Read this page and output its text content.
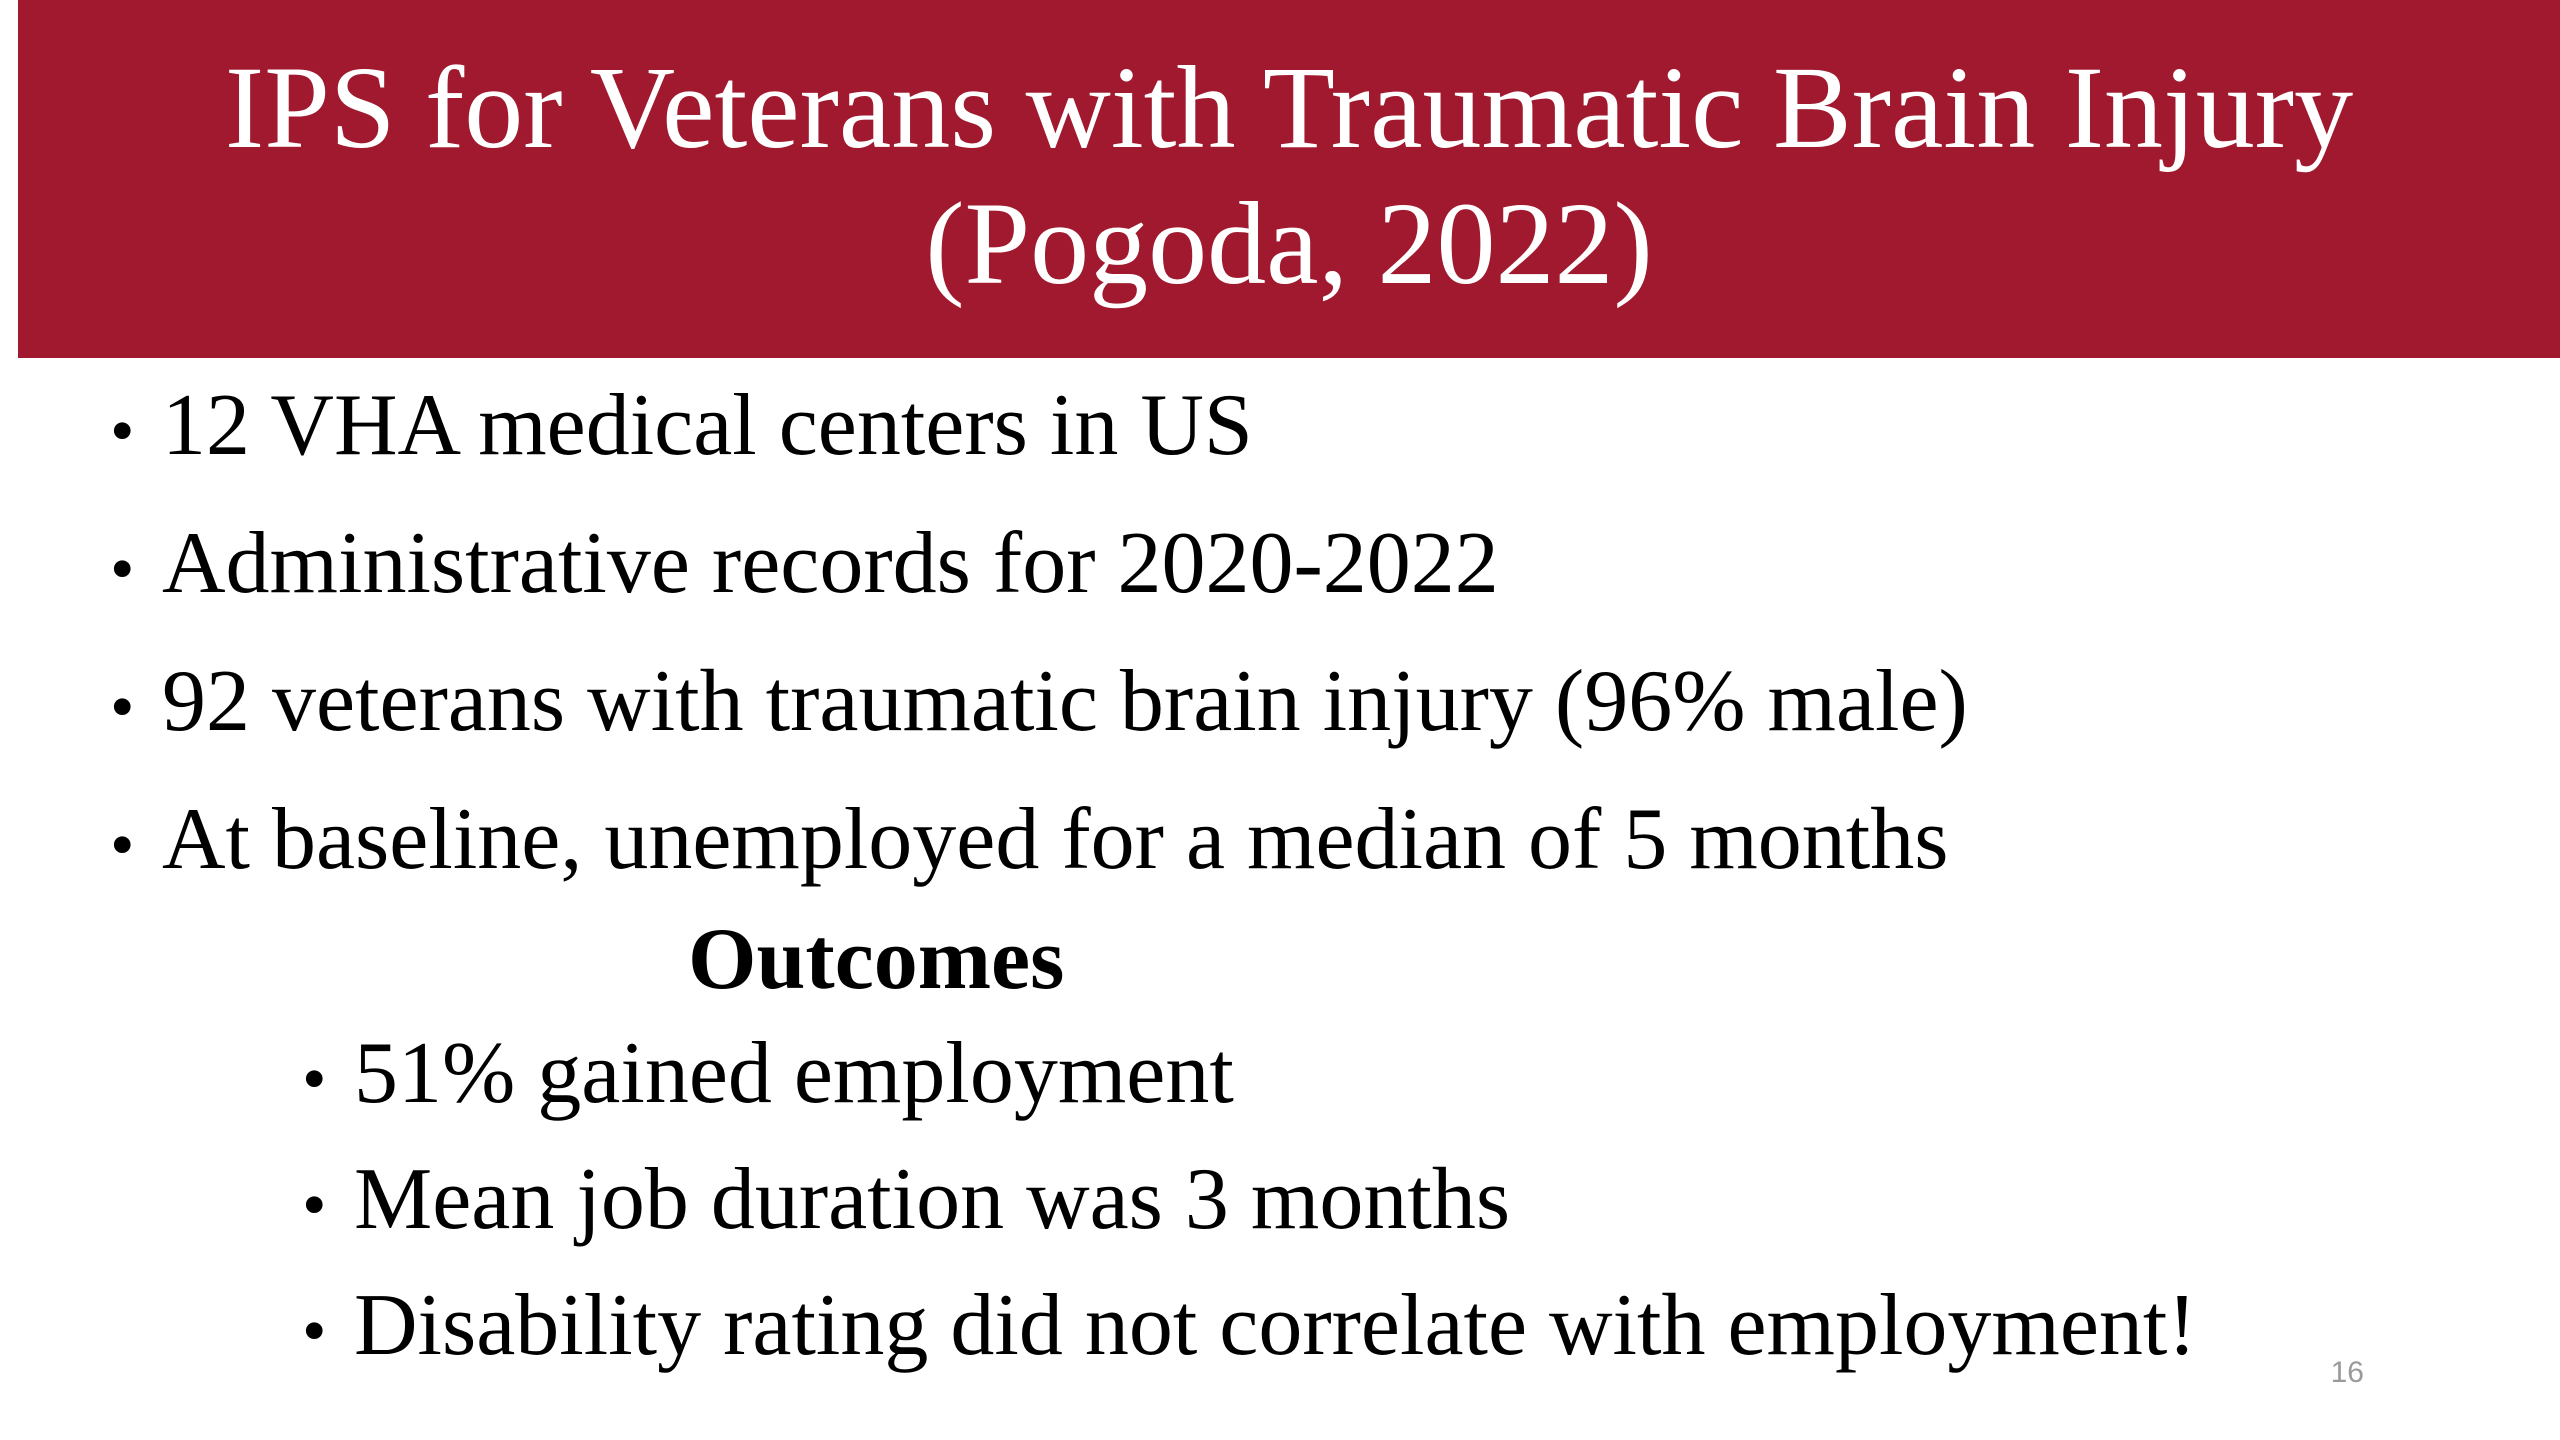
IPS for Veterans with Traumatic Brain Injury
(Pogoda, 2022)
• 12 VHA medical centers in US
• Administrative records for 2020-2022
• 92 veterans with traumatic brain injury (96% male)
• At baseline, unemployed for a median of 5 months
Outcomes
• 51% gained employment
• Mean job duration was 3 months
• Disability rating did not correlate with employment!	16
